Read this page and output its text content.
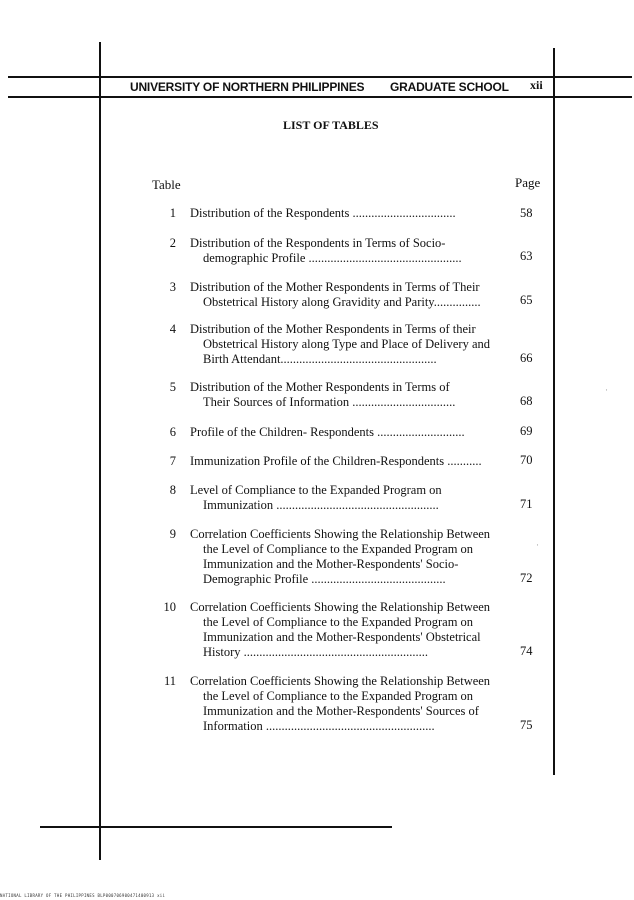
UNIVERSITY OF NORTHERN PHILIPPINES GRADUATE SCHOOL xii
LIST OF TABLES
Table	Page
1 Distribution of the Respondents .................................	58
2 Distribution of the Respondents in Terms of Socio-
demographic Profile .................................................	63
3 Distribution of the Mother Respondents in Terms of Their
Obstetrical History along Gravidity and Parity...............	65
4 Distribution of the Mother Respondents in Terms of their
Obstetrical History along Type and Place of Delivery and
Birth Attendant..................................................	66
5 Distribution of the Mother Respondents in Terms of
Their Sources of Information .................................	68
6 Profile of the Children- Respondents ............................	69
7 Immunization Profile of the Children-Respondents ...........	70
8 Level of Compliance to the Expanded Program on
Immunization ....................................................	71
9 Correlation Coefficients Showing the Relationship Between
the Level of Compliance to the Expanded Program on
Immunization and the Mother-Respondents' Socio-
Demographic Profile ...........................................	72
10 Correlation Coefficients Showing the Relationship Between
the Level of Compliance to the Expanded Program on
Immunization and the Mother-Respondents' Obstetrical
History ...........................................................	74
11 Correlation Coefficients Showing the Relationship Between
the Level of Compliance to the Expanded Program on
Immunization and the Mother-Respondents' Sources of
Information ......................................................	75
NATIONAL LIBRARY OF THE PHILIPPINES BLP000706900471400913 xii
·
·
